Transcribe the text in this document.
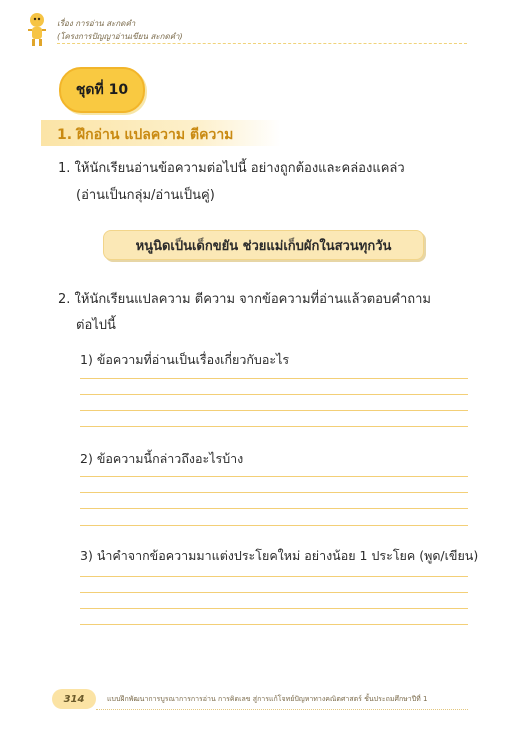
เรื่อง การอ่าน สะกดคำ
(โครงการปัญญาอ่านเขียน สะกดคำ)
ชุดที่ 10
1. ฝึกอ่าน แปลความ ตีความ
1. ให้นักเรียนอ่านข้อความต่อไปนี้ อย่างถูกต้องและคล่องแคล่ว
(อ่านเป็นกลุ่ม/อ่านเป็นคู่)
หนูนิดเป็นเด็กขยัน ช่วยแม่เก็บผักในสวนทุกวัน
2. ให้นักเรียนแปลความ ตีความ จากข้อความที่อ่านแล้วตอบคำถาม
ต่อไปนี้
1) ข้อความที่อ่านเป็นเรื่องเกี่ยวกับอะไร
2) ข้อความนี้กล่าวถึงอะไรบ้าง
3) นำคำจากข้อความมาแต่งประโยคใหม่ อย่างน้อย 1 ประโยค (พูด/เขียน)
314	แบบฝึกพัฒนาการบูรณาการการอ่าน การคิดเลข สู่การแก้โจทย์ปัญหาทางคณิตศาสตร์ ชั้นประถมศึกษาปีที่ 1
